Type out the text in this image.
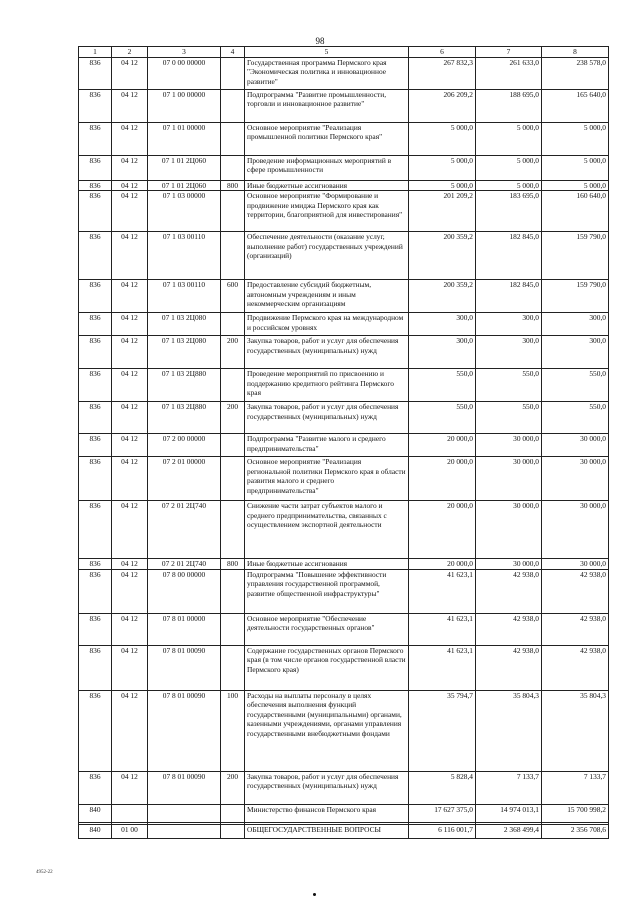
98
1	2	3	4	5	6	7	8
836	04 12	07 0 00 00000		Государственная программа Пермского края "Экономическая политика и инновационное развитие"	267 832,3	261 633,0	238 578,0
836	04 12	07 1 00 00000		Подпрограмма "Развитие промышленности, торговли и инновационное развитие"	206 209,2	188 695,0	165 640,0
836	04 12	07 1 01 00000		Основное мероприятие "Реализация промышленной политики Пермского края"	5 000,0	5 000,0	5 000,0
836	04 12	07 1 01 2Ц060		Проведение информационных мероприятий в сфере промышленности	5 000,0	5 000,0	5 000,0
836	04 12	07 1 01 2Ц060	800	Иные бюджетные ассигнования	5 000,0	5 000,0	5 000,0
836	04 12	07 1 03 00000		Основное мероприятие "Формирование и продвижение имиджа Пермского края как территории, благоприятной для инвестирования"	201 209,2	183 695,0	160 640,0
836	04 12	07 1 03 00110		Обеспечение деятельности (оказание услуг, выполнение работ) государственных учреждений (организаций)	200 359,2	182 845,0	159 790,0
836	04 12	07 1 03 00110	600	Предоставление субсидий бюджетным, автономным учреждениям и иным некоммерческим организациям	200 359,2	182 845,0	159 790,0
836	04 12	07 1 03 2Ц080		Продвижение Пермского края на международном и российском уровнях	300,0	300,0	300,0
836	04 12	07 1 03 2Ц080	200	Закупка товаров, работ и услуг для обеспечения государственных (муниципальных) нужд	300,0	300,0	300,0
836	04 12	07 1 03 2Ц880		Проведение мероприятий по присвоению и поддержанию кредитного рейтинга Пермского края	550,0	550,0	550,0
836	04 12	07 1 03 2Ц880	200	Закупка товаров, работ и услуг для обеспечения государственных (муниципальных) нужд	550,0	550,0	550,0
836	04 12	07 2 00 00000		Подпрограмма "Развитие малого и среднего предпринимательства"	20 000,0	30 000,0	30 000,0
836	04 12	07 2 01 00000		Основное мероприятие "Реализация региональной политики Пермского края в области развития малого и среднего предпринимательства"	20 000,0	30 000,0	30 000,0
836	04 12	07 2 01 2Ц740		Снижение части затрат субъектов малого и среднего предпринимательства, связанных с осуществлением экспортной деятельности	20 000,0	30 000,0	30 000,0
836	04 12	07 2 01 2Ц740	800	Иные бюджетные ассигнования	20 000,0	30 000,0	30 000,0
836	04 12	07 8 00 00000		Подпрограмма "Повышение эффективности управления государственной программой, развитие общественной инфраструктуры"	41 623,1	42 938,0	42 938,0
836	04 12	07 8 01 00000		Основное мероприятие "Обеспечение деятельности государственных органов"	41 623,1	42 938,0	42 938,0
836	04 12	07 8 01 00090		Содержание государственных органов Пермского края (в том числе органов государственной власти Пермского края)	41 623,1	42 938,0	42 938,0
836	04 12	07 8 01 00090	100	Расходы на выплаты персоналу в целях обеспечения выполнения функций государственными (муниципальными) органами, казенными учреждениями, органами управления государственными внебюджетными фондами	35 794,7	35 804,3	35 804,3
836	04 12	07 8 01 00090	200	Закупка товаров, работ и услуг для обеспечения государственных (муниципальных) нужд	5 828,4	7 133,7	7 133,7
840				Министерство финансов Пермского края	17 627 375,0	14 974 013,1	15 700 998,2

840	01 00			ОБЩЕГОСУДАРСТВЕННЫЕ ВОПРОСЫ	6 116 001,7	2 368 499,4	2 356 708,6
4952-22
